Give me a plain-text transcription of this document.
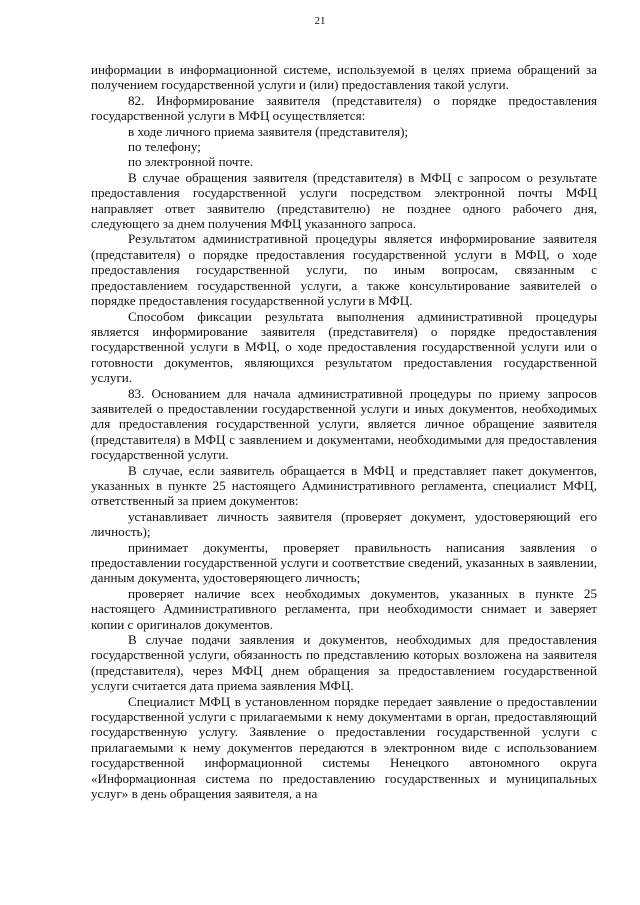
21

информации в информационной системе, используемой в целях приема обращений за получением государственной услуги и (или) предоставления такой услуги.

82. Информирование заявителя (представителя) о порядке предоставления государственной услуги в МФЦ осуществляется:

в ходе личного приема заявителя (представителя);

по телефону;

по электронной почте.

В случае обращения заявителя (представителя) в МФЦ с запросом о результате предоставления государственной услуги посредством электронной почты МФЦ направляет ответ заявителю (представителю) не позднее одного рабочего дня, следующего за днем получения МФЦ указанного запроса.

Результатом административной процедуры является информирование заявителя (представителя) о порядке предоставления государственной услуги в МФЦ, о ходе предоставления государственной услуги, по иным вопросам, связанным с предоставлением государственной услуги, а также консультирование заявителей о порядке предоставления государственной услуги в МФЦ.

Способом фиксации результата выполнения административной процедуры является информирование заявителя (представителя) о порядке предоставления государственной услуги в МФЦ, о ходе предоставления государственной услуги или о готовности документов, являющихся результатом предоставления государственной услуги.

83. Основанием для начала административной процедуры по приему запросов заявителей о предоставлении государственной услуги и иных документов, необходимых для предоставления государственной услуги, является личное обращение заявителя (представителя) в МФЦ с заявлением и документами, необходимыми для предоставления государственной услуги.

В случае, если заявитель обращается в МФЦ и представляет пакет документов, указанных в пункте 25 настоящего Административного регламента, специалист МФЦ, ответственный за прием документов:

устанавливает личность заявителя (проверяет документ, удостоверяющий его личность);

принимает документы, проверяет правильность написания заявления о предоставлении государственной услуги и соответствие сведений, указанных в заявлении, данным документа, удостоверяющего личность;

проверяет наличие всех необходимых документов, указанных в пункте 25 настоящего Административного регламента, при необходимости снимает и заверяет копии с оригиналов документов.

В случае подачи заявления и документов, необходимых для предоставления государственной услуги, обязанность по представлению которых возложена на заявителя (представителя), через МФЦ днем обращения за предоставлением государственной услуги считается дата приема заявления МФЦ.

Специалист МФЦ в установленном порядке передает заявление о предоставлении государственной услуги с прилагаемыми к нему документами в орган, предоставляющий государственную услугу. Заявление о предоставлении государственной услуги с прилагаемыми к нему документов передаются в электронном виде с использованием государственной информационной системы Ненецкого автономного округа «Информационная система по предоставлению государственных и муниципальных услуг» в день обращения заявителя, а на
